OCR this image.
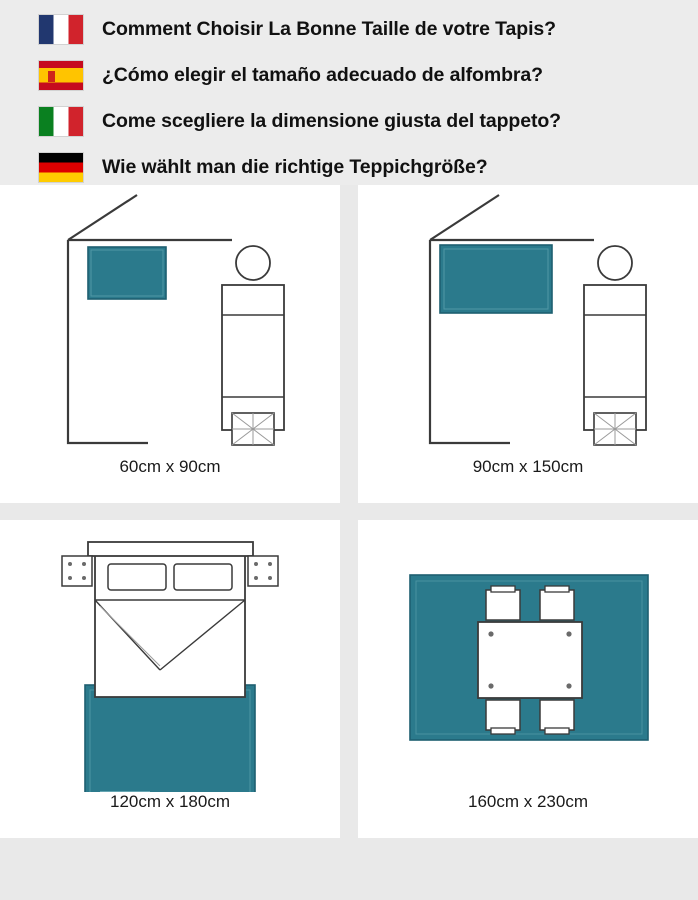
Comment Choisir La Bonne Taille de votre Tapis?
¿Cómo elegir el tamaño adecuado de alfombra?
Come scegliere la dimensione giusta del tappeto?
Wie wählt man die richtige Teppichgröße?
60cm x 90cm	90cm x 150cm
120cm x 180cm	160cm x 230cm
